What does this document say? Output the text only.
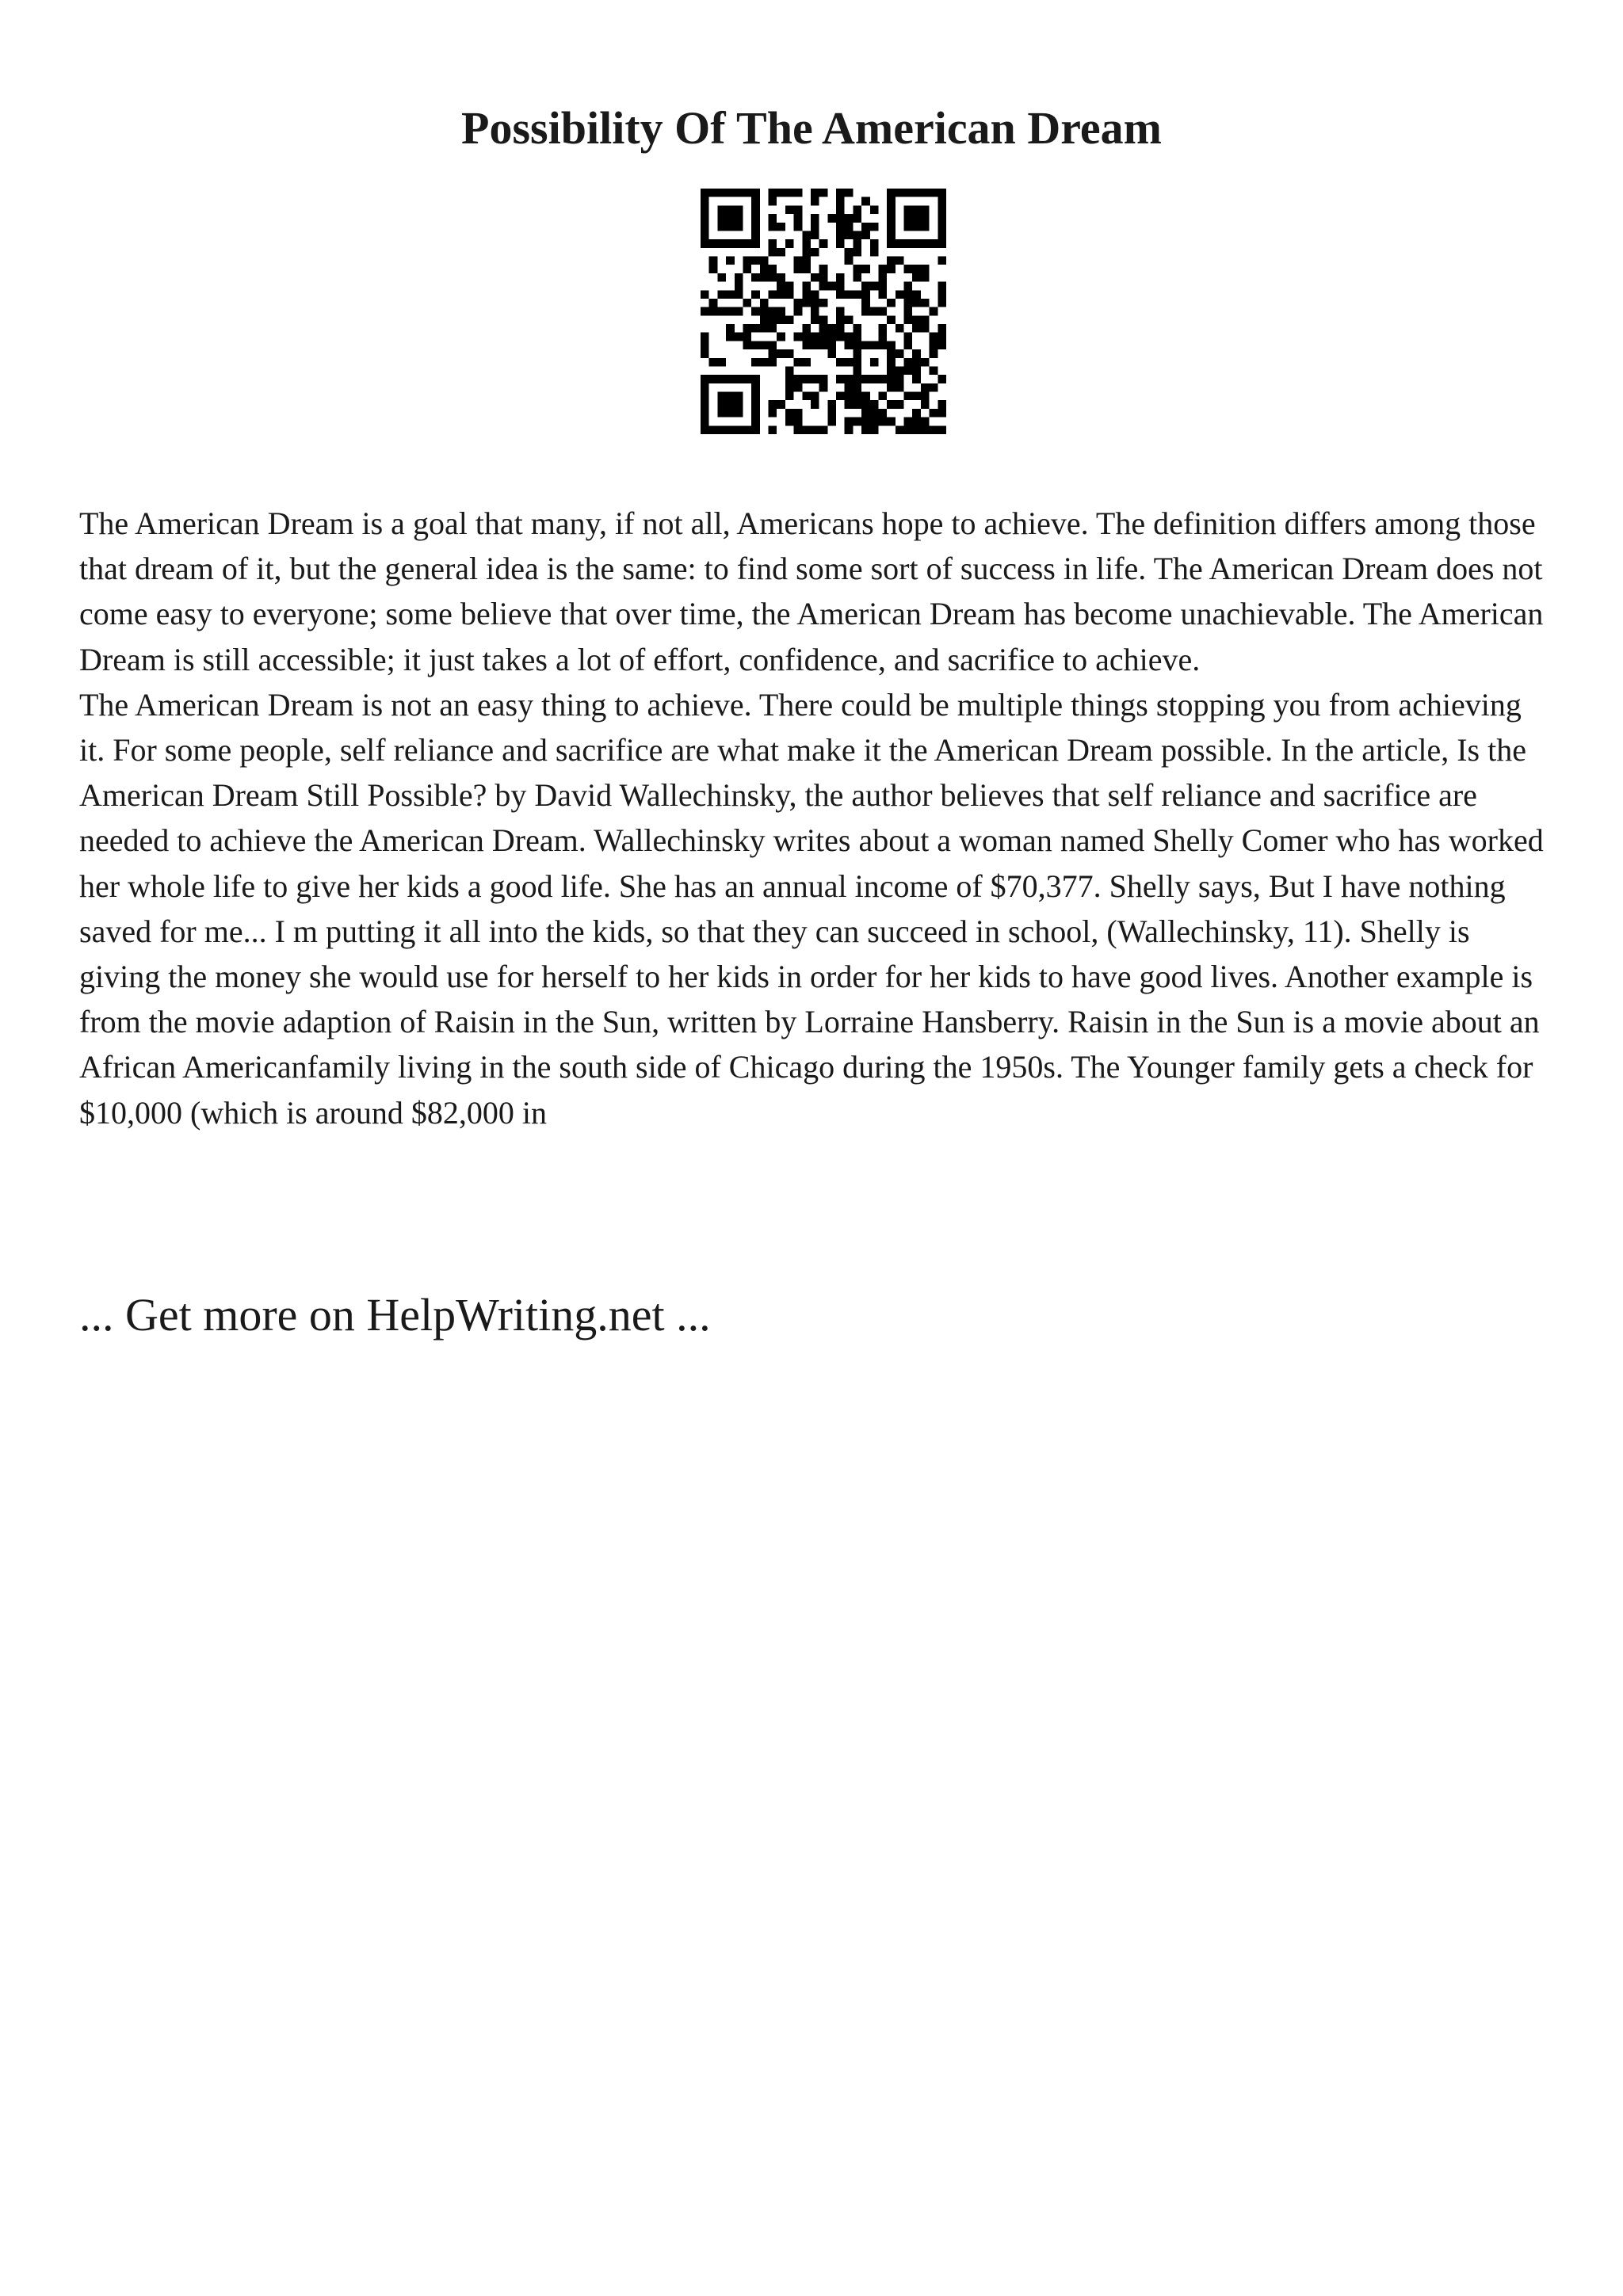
Possibility Of The American Dream

The American Dream is a goal that many, if not all, Americans hope to achieve. The definition differs among those that dream of it, but the general idea is the same: to find some sort of success in life. The American Dream does not come easy to everyone; some believe that over time, the American Dream has become unachievable. The American Dream is still accessible; it just takes a lot of effort, confidence, and sacrifice to achieve.

The American Dream is not an easy thing to achieve. There could be multiple things stopping you from achieving it. For some people, self reliance and sacrifice are what make it the American Dream possible. In the article, Is the American Dream Still Possible? by David Wallechinsky, the author believes that self reliance and sacrifice are needed to achieve the American Dream. Wallechinsky writes about a woman named Shelly Comer who has worked her whole life to give her kids a good life. She has an annual income of $70,377. Shelly says, But I have nothing saved for me... I m putting it all into the kids, so that they can succeed in school, (Wallechinsky, 11). Shelly is giving the money she would use for herself to her kids in order for her kids to have good lives. Another example is from the movie adaption of Raisin in the Sun, written by Lorraine Hansberry. Raisin in the Sun is a movie about an African Americanfamily living in the south side of Chicago during the 1950s. The Younger family gets a check for $10,000 (which is around $82,000 in

... Get more on HelpWriting.net ...
